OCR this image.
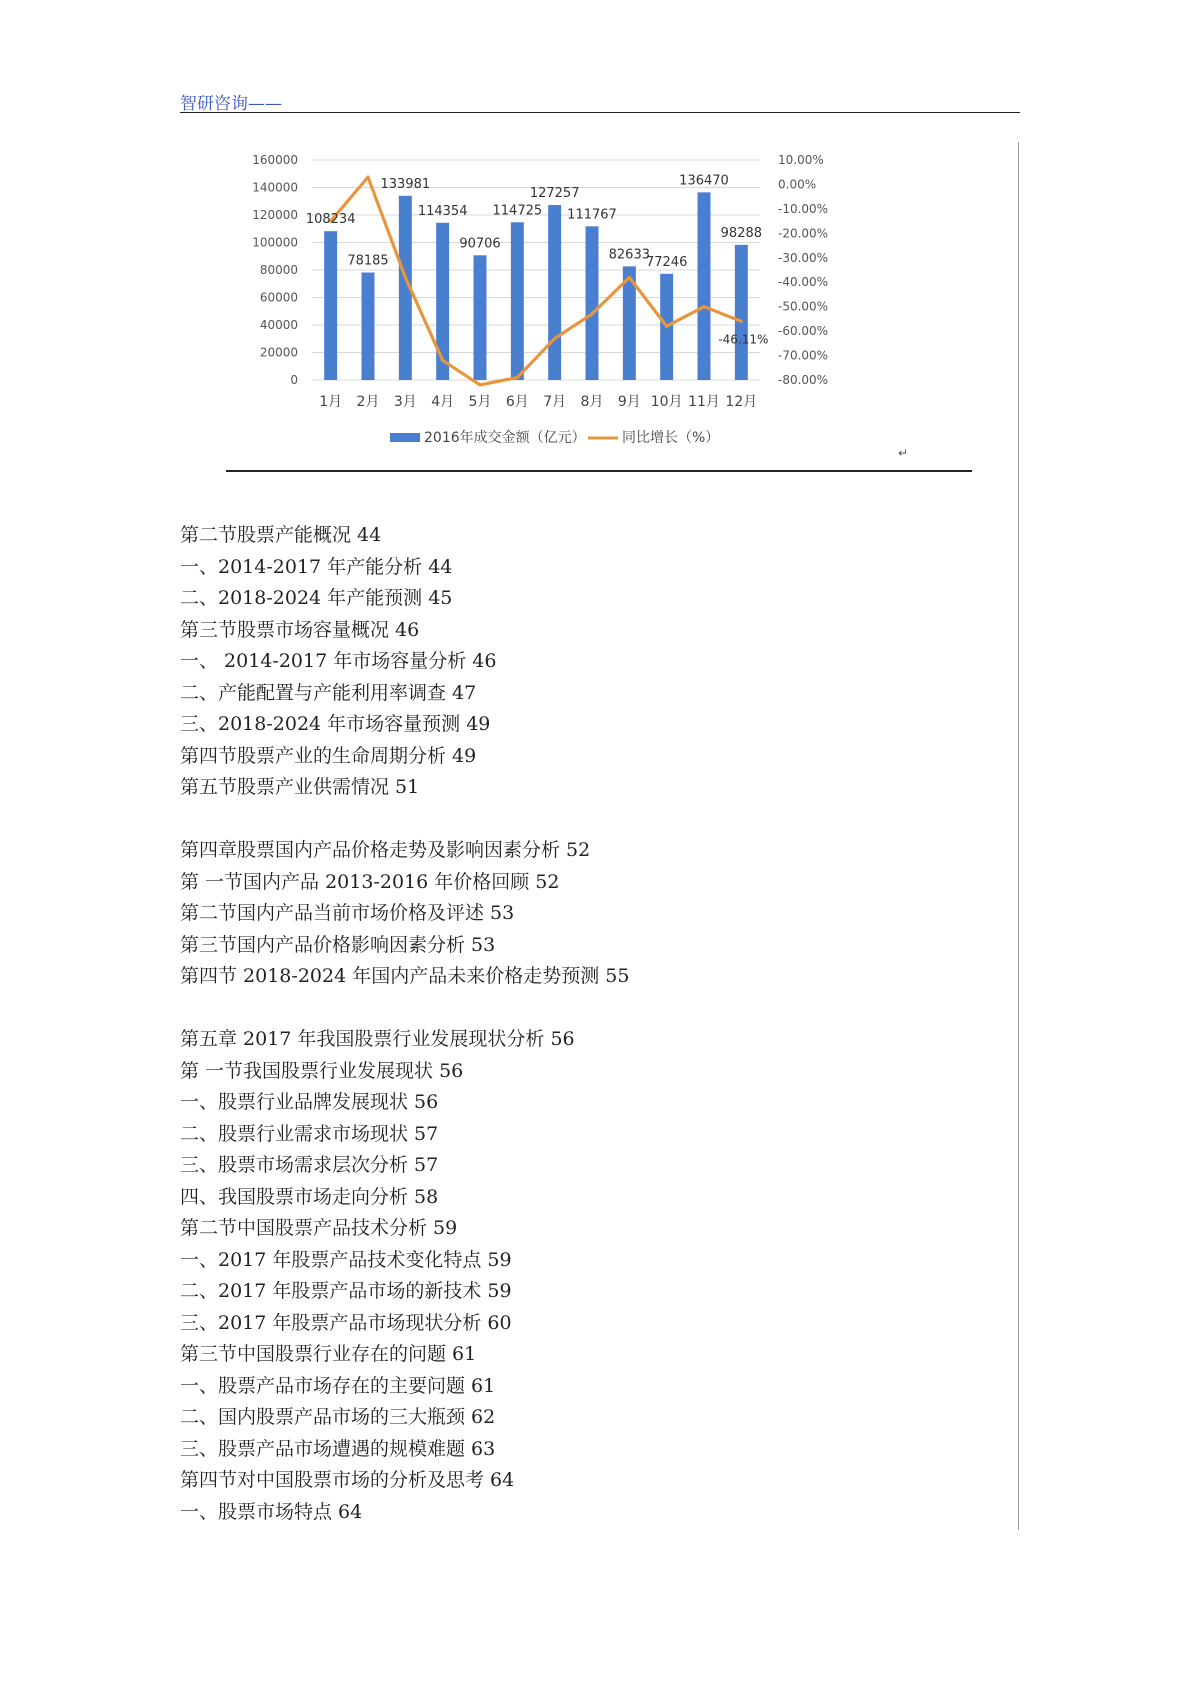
智研咨询——
0
20000
40000
60000
80000
100000
120000
140000
160000
-80.00%
-70.00%
-60.00%
-50.00%
-40.00%
-30.00%
-20.00%
-10.00%
0.00%
10.00%
108234
78185
133981
114354
90706
114725
127257
111767
82633
77246
136470
98288
-46.11%
1月 2月 3月 4月 5月 6月 7月 8月 9月 10月 11月 12月
2016年成交金额（亿元）	同比增长（%）
↵
第二节股票产能概况 44
一、2014-2017 年产能分析 44
二、2018-2024 年产能预测 45
第三节股票市场容量概况 46
一、 2014-2017 年市场容量分析 46
二、产能配置与产能利用率调查 47
三、2018-2024 年市场容量预测 49
第四节股票产业的生命周期分析 49
第五节股票产业供需情况 51
第四章股票国内产品价格走势及影响因素分析 52
第 一节国内产品 2013-2016 年价格回顾 52
第二节国内产品当前市场价格及评述 53
第三节国内产品价格影响因素分析 53
第四节 2018-2024 年国内产品未来价格走势预测 55
第五章 2017 年我国股票行业发展现状分析 56
第 一节我国股票行业发展现状 56
一、股票行业品牌发展现状 56
二、股票行业需求市场现状 57
三、股票市场需求层次分析 57
四、我国股票市场走向分析 58
第二节中国股票产品技术分析 59
一、2017 年股票产品技术变化特点 59
二、2017 年股票产品市场的新技术 59
三、2017 年股票产品市场现状分析 60
第三节中国股票行业存在的问题 61
一、股票产品市场存在的主要问题 61
二、国内股票产品市场的三大瓶颈 62
三、股票产品市场遭遇的规模难题 63
第四节对中国股票市场的分析及思考 64
一、股票市场特点 64
